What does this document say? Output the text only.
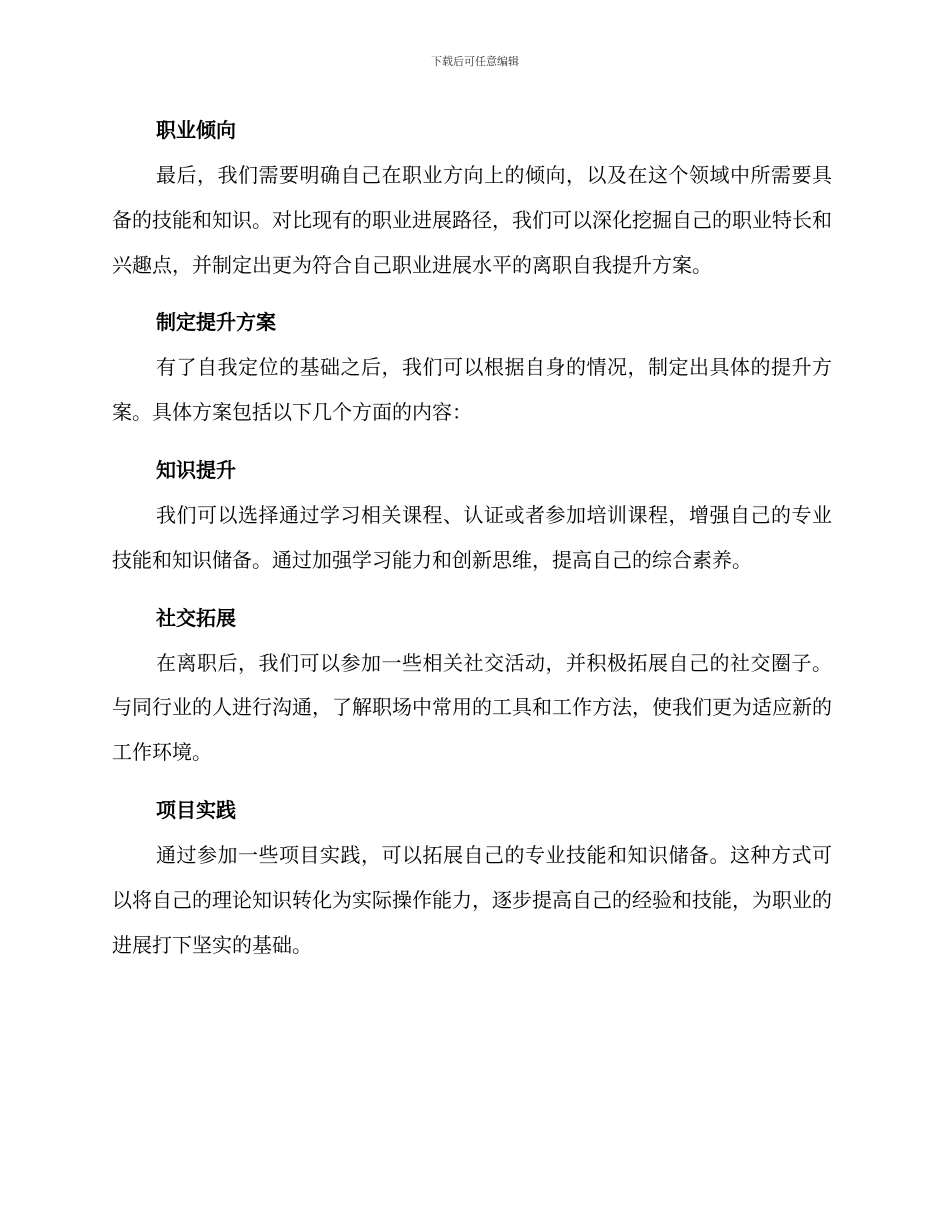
下载后可任意编辑
职业倾向

最后，我们需要明确自己在职业方向上的倾向，以及在这个领域中所需要具备的技能和知识。对比现有的职业进展路径，我们可以深化挖掘自己的职业特长和兴趣点，并制定出更为符合自己职业进展水平的离职自我提升方案。

制定提升方案

有了自我定位的基础之后，我们可以根据自身的情况，制定出具体的提升方案。具体方案包括以下几个方面的内容：

知识提升

我们可以选择通过学习相关课程、认证或者参加培训课程，增强自己的专业技能和知识储备。通过加强学习能力和创新思维，提高自己的综合素养。

社交拓展

在离职后，我们可以参加一些相关社交活动，并积极拓展自己的社交圈子。与同行业的人进行沟通，了解职场中常用的工具和工作方法，使我们更为适应新的工作环境。

项目实践

通过参加一些项目实践，可以拓展自己的专业技能和知识储备。这种方式可以将自己的理论知识转化为实际操作能力，逐步提高自己的经验和技能，为职业的进展打下坚实的基础。
